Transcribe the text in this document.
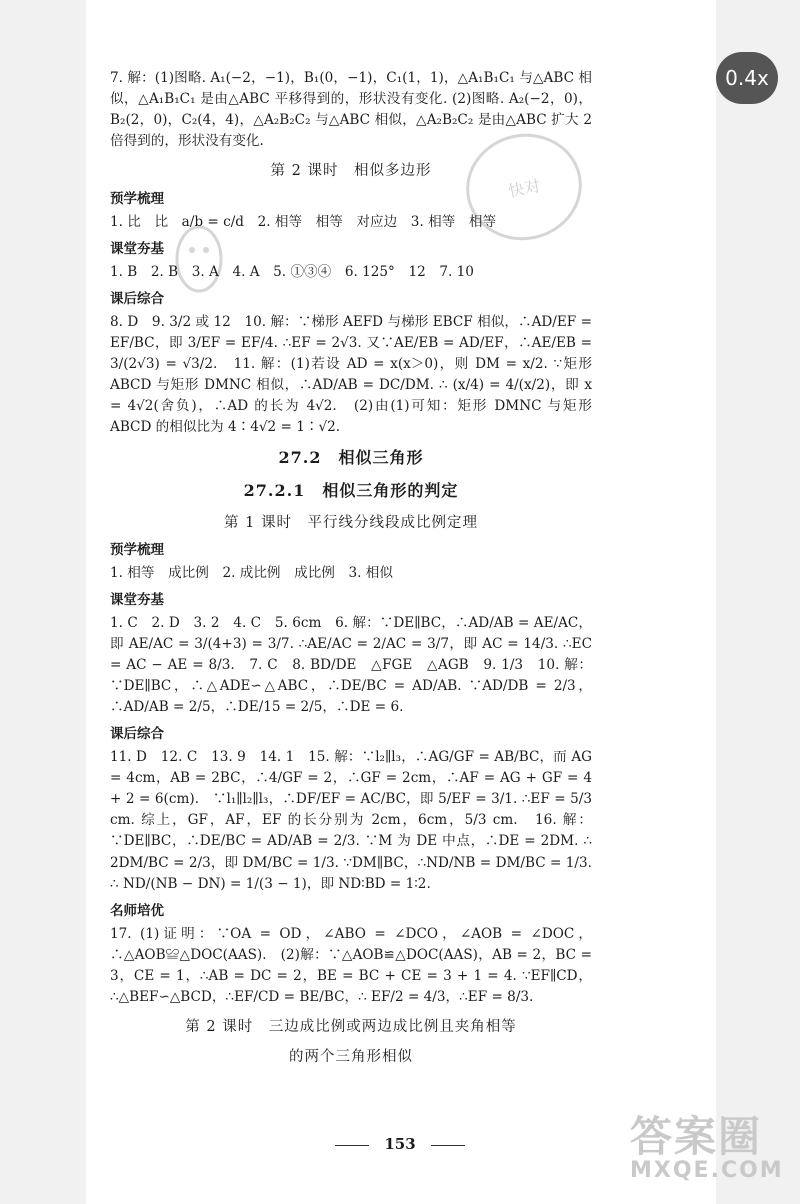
快对
7. 解：(1)图略. A₁(−2，−1)，B₁(0，−1)，C₁(1，1)，△A₁B₁C₁ 与△ABC 相似，△A₁B₁C₁ 是由△ABC 平移得到的，形状没有变化. (2)图略. A₂(−2，0)，B₂(2，0)，C₂(4，4)，△A₂B₂C₂ 与△ABC 相似，△A₂B₂C₂ 是由△ABC 扩大 2 倍得到的，形状没有变化.
第 2 课时　相似多边形
预学梳理
1. 比　比　a/b = c/d　2. 相等　相等　对应边　3. 相等　相等
课堂夯基
1. B　2. B　3. A　4. A　5. ①③④　6. 125°　12　7. 10
课后综合
8. D　9. 3/2 或 12　10. 解：∵梯形 AEFD 与梯形 EBCF 相似，∴AD/EF = EF/BC，即 3/EF = EF/4. ∴EF = 2√3. 又∵AE/EB = AD/EF，∴AE/EB = 3/(2√3) = √3/2.　11. 解：(1)若设 AD = x(x＞0)，则 DM = x/2. ∵矩形 ABCD 与矩形 DMNC 相似，∴AD/AB = DC/DM. ∴ (x/4) = 4/(x/2)，即 x = 4√2(舍负)，∴AD 的长为 4√2.　(2)由(1)可知：矩形 DMNC 与矩形 ABCD 的相似比为 4∶4√2 = 1∶√2.
27.2　相似三角形
27.2.1　相似三角形的判定
第 1 课时　平行线分线段成比例定理
预学梳理
1. 相等　成比例　2. 成比例　成比例　3. 相似
课堂夯基
1. C　2. D　3. 2　4. C　5. 6cm　6. 解：∵DE∥BC，∴AD/AB = AE/AC，即 AE/AC = 3/(4+3) = 3/7. ∴AE/AC = 2/AC = 3/7，即 AC = 14/3. ∴EC = AC − AE = 8/3.　7. C　8. BD/DE　△FGE　△AGB　9. 1/3　10. 解：∵DE∥BC，∴△ADE∽△ABC，∴DE/BC = AD/AB. ∵AD/DB = 2/3，∴AD/AB = 2/5，∴DE/15 = 2/5，∴DE = 6.
课后综合
11. D　12. C　13. 9　14. 1　15. 解：∵l₂∥l₃，∴AG/GF = AB/BC，而 AG = 4cm，AB = 2BC，∴4/GF = 2，∴GF = 2cm，∴AF = AG + GF = 4 + 2 = 6(cm).　∵l₁∥l₂∥l₃，∴DF/EF = AC/BC，即 5/EF = 3/1. ∴EF = 5/3 cm. 综上，GF，AF，EF 的长分别为 2cm，6cm，5/3 cm.　16. 解：∵DE∥BC，∴DE/BC = AD/AB = 2/3. ∵M 为 DE 中点，∴DE = 2DM. ∴ 2DM/BC = 2/3，即 DM/BC = 1/3. ∵DM∥BC，∴ND/NB = DM/BC = 1/3. ∴ ND/(NB − DN) = 1/(3 − 1)，即 ND∶BD = 1∶2.
名师培优
17. (1)证明：∵OA = OD，∠ABO = ∠DCO，∠AOB = ∠DOC，∴△AOB≌△DOC(AAS).　(2)解：∵△AOB≌△DOC(AAS)，AB = 2，BC = 3，CE = 1，∴AB = DC = 2，BE = BC + CE = 3 + 1 = 4. ∵EF∥CD，∴△BEF∽△BCD，∴EF/CD = BE/BC，∴ EF/2 = 4/3，∴EF = 8/3.
第 2 课时　三边成比例或两边成比例且夹角相等
的两个三角形相似
0.4x
153	答案圈
MXQE.COM
